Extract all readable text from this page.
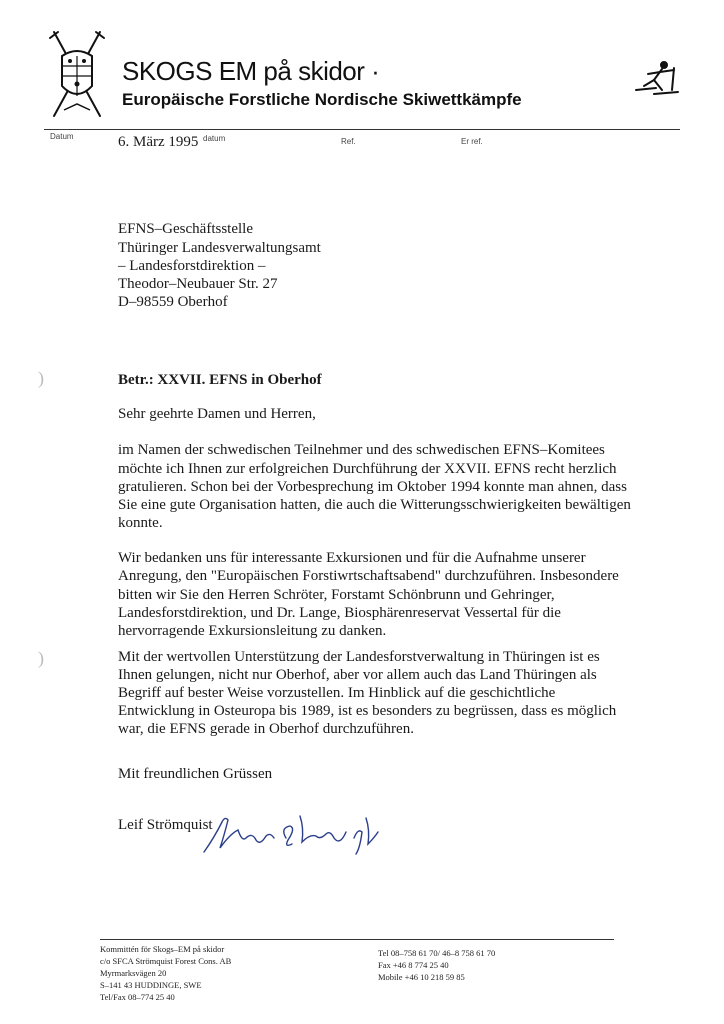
SKOGS EM på skidor ·
Europäische Forstliche Nordische Skiwettkämpfe
Datum	6. März 1995 datum	Ref.	Er ref.
EFNS–Geschäftsstelle
Thüringer Landesverwaltungsamt
– Landesforstdirektion –
Theodor–Neubauer Str. 27
D–98559 Oberhof
)
)
Betr.: XXVII. EFNS in Oberhof
Sehr geehrte Damen und Herren,
im Namen der schwedischen Teilnehmer und des schwedischen EFNS–Komitees
möchte ich Ihnen zur erfolgreichen Durchführung der XXVII. EFNS recht herzlich
gratulieren. Schon bei der Vorbesprechung im Oktober 1994 konnte man ahnen, dass
Sie eine gute Organisation hatten, die auch die Witterungsschwierigkeiten bewältigen
konnte.
Wir bedanken uns für interessante Exkursionen und für die Aufnahme unserer
Anregung, den "Europäischen Forstiwrtschaftsabend" durchzuführen. Insbesondere
bitten wir Sie den Herren Schröter, Forstamt Schönbrunn und Gehringer,
Landesforstdirektion, und Dr. Lange, Biosphärenreservat Vessertal für die
hervorragende Exkursionsleitung zu danken.
Mit der wertvollen Unterstützung der Landesforstverwaltung in Thüringen ist es
Ihnen gelungen, nicht nur Oberhof, aber vor allem auch das Land Thüringen als
Begriff auf bester Weise vorzustellen. Im Hinblick auf die geschichtliche
Entwicklung in Osteuropa bis 1989, ist es besonders zu begrüssen, dass es möglich
war, die EFNS gerade in Oberhof durchzuführen.
Mit freundlichen Grüssen
Leif Strömquist
Kommittén för Skogs–EM på skidor
c/o SFCA Strömquist Forest Cons. AB
Myrmarksvägen 20
S–141 43 HUDDINGE, SWE
Tel/Fax 08–774 25 40
Tel 08–758 61 70/ 46–8 758 61 70
Fax +46 8 774 25 40
Mobile +46 10 218 59 85
